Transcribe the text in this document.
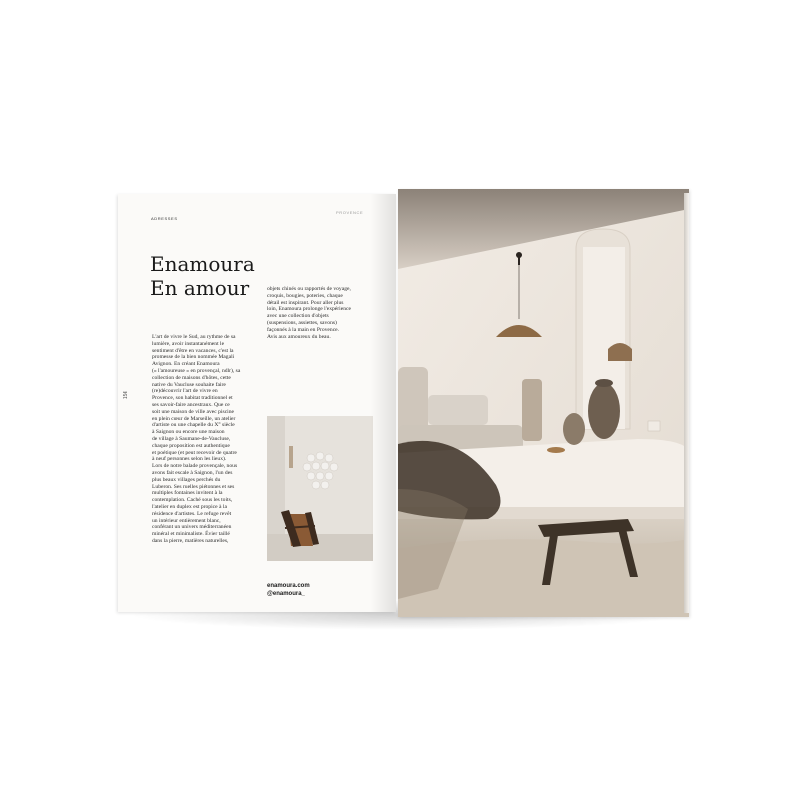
ADRESSES
PROVENCE
Enamoura
En amour
15¢
L'art de vivre le Sud, au rythme de sa
lumière, avoir instantanément le
sentiment d'être en vacances, c'est la
promesse de la bien nommée Magali
Avignon. En créant Enamoura
(« l'amoureuse » en provençal, ndlr), sa
collection de maisons d'hôtes, cette
native du Vaucluse souhaite faire
(re)découvrir l'art de vivre en
Provence, son habitat traditionnel et
ses savoir-faire ancestraux. Que ce
soit une maison de ville avec piscine
en plein cœur de Marseille, un atelier
d'artiste ou une chapelle du X° siècle
à Saignon ou encore une maison
de village à Saumane-de-Vaucluse,
chaque proposition est authentique
et poétique (et peut recevoir de quatre
à neuf personnes selon les lieux).
Lors de notre balade provençale, nous
avons fait escale à Saignon, l'un des
plus beaux villages perchés du
Luberon. Ses ruelles piétonnes et ses
multiples fontaines invitent à la
contemplation. Caché sous les toits,
l'atelier en duplex est propice à la
résidence d'artistes. Le refuge revêt
un intérieur entièrement blanc,
conférant un univers méditerranéen
minéral et minimaliste. Évier taillé
dans la pierre, matières naturelles,
objets chinés ou rapportés de voyage,
croquis, bougies, poteries, chaque
détail est inspirant. Pour aller plus
loin, Enamoura prolonge l'expérience
avec une collection d'objets
(suspensions, assiettes, savons)
façonnés à la main en Provence.
Avis aux amoureux du beau.
enamoura.com
@enamoura_
